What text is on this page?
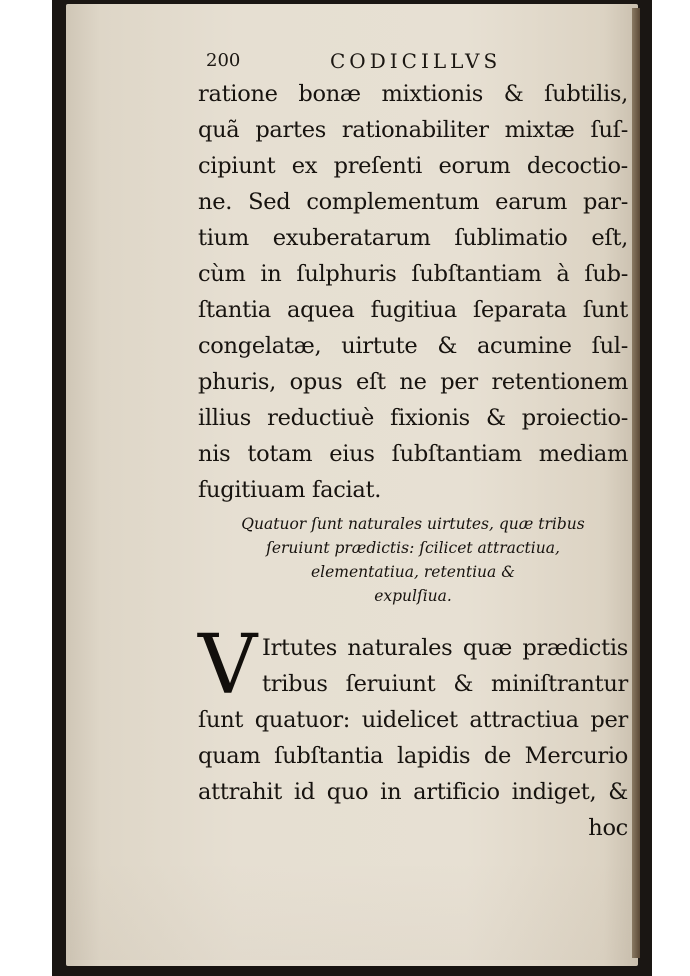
200	CODICILLVS
ratione bonæ mixtionis & ſubtilis,
quã partes rationabiliter mixtæ ſuſ-
cipiunt ex preſenti eorum decoctio-
ne. Sed complementum earum par-
tium exuberatarum ſublimatio eſt,
cùm in ſulphuris ſubſtantiam à ſub-
ſtantia aquea fugitiua ſeparata ſunt
congelatæ, uirtute & acumine ſul-
phuris, opus eſt ne per retentionem
illius reductiuè fixionis & proiectio-
nis totam eius ſubſtantiam mediam
fugitiuam faciat.
Quatuor ſunt naturales uirtutes, quæ tribus
ſeruiunt prædictis: ſcilicet attractiua,
elementatiua, retentiua &
expulſiua.
V Irtutes naturales quæ prædictis
tribus ſeruiunt & miniſtrantur
ſunt quatuor: uidelicet attractiua per
quam ſubſtantia lapidis de Mercurio
attrahit id quo in artificio indiget, &
hoc
